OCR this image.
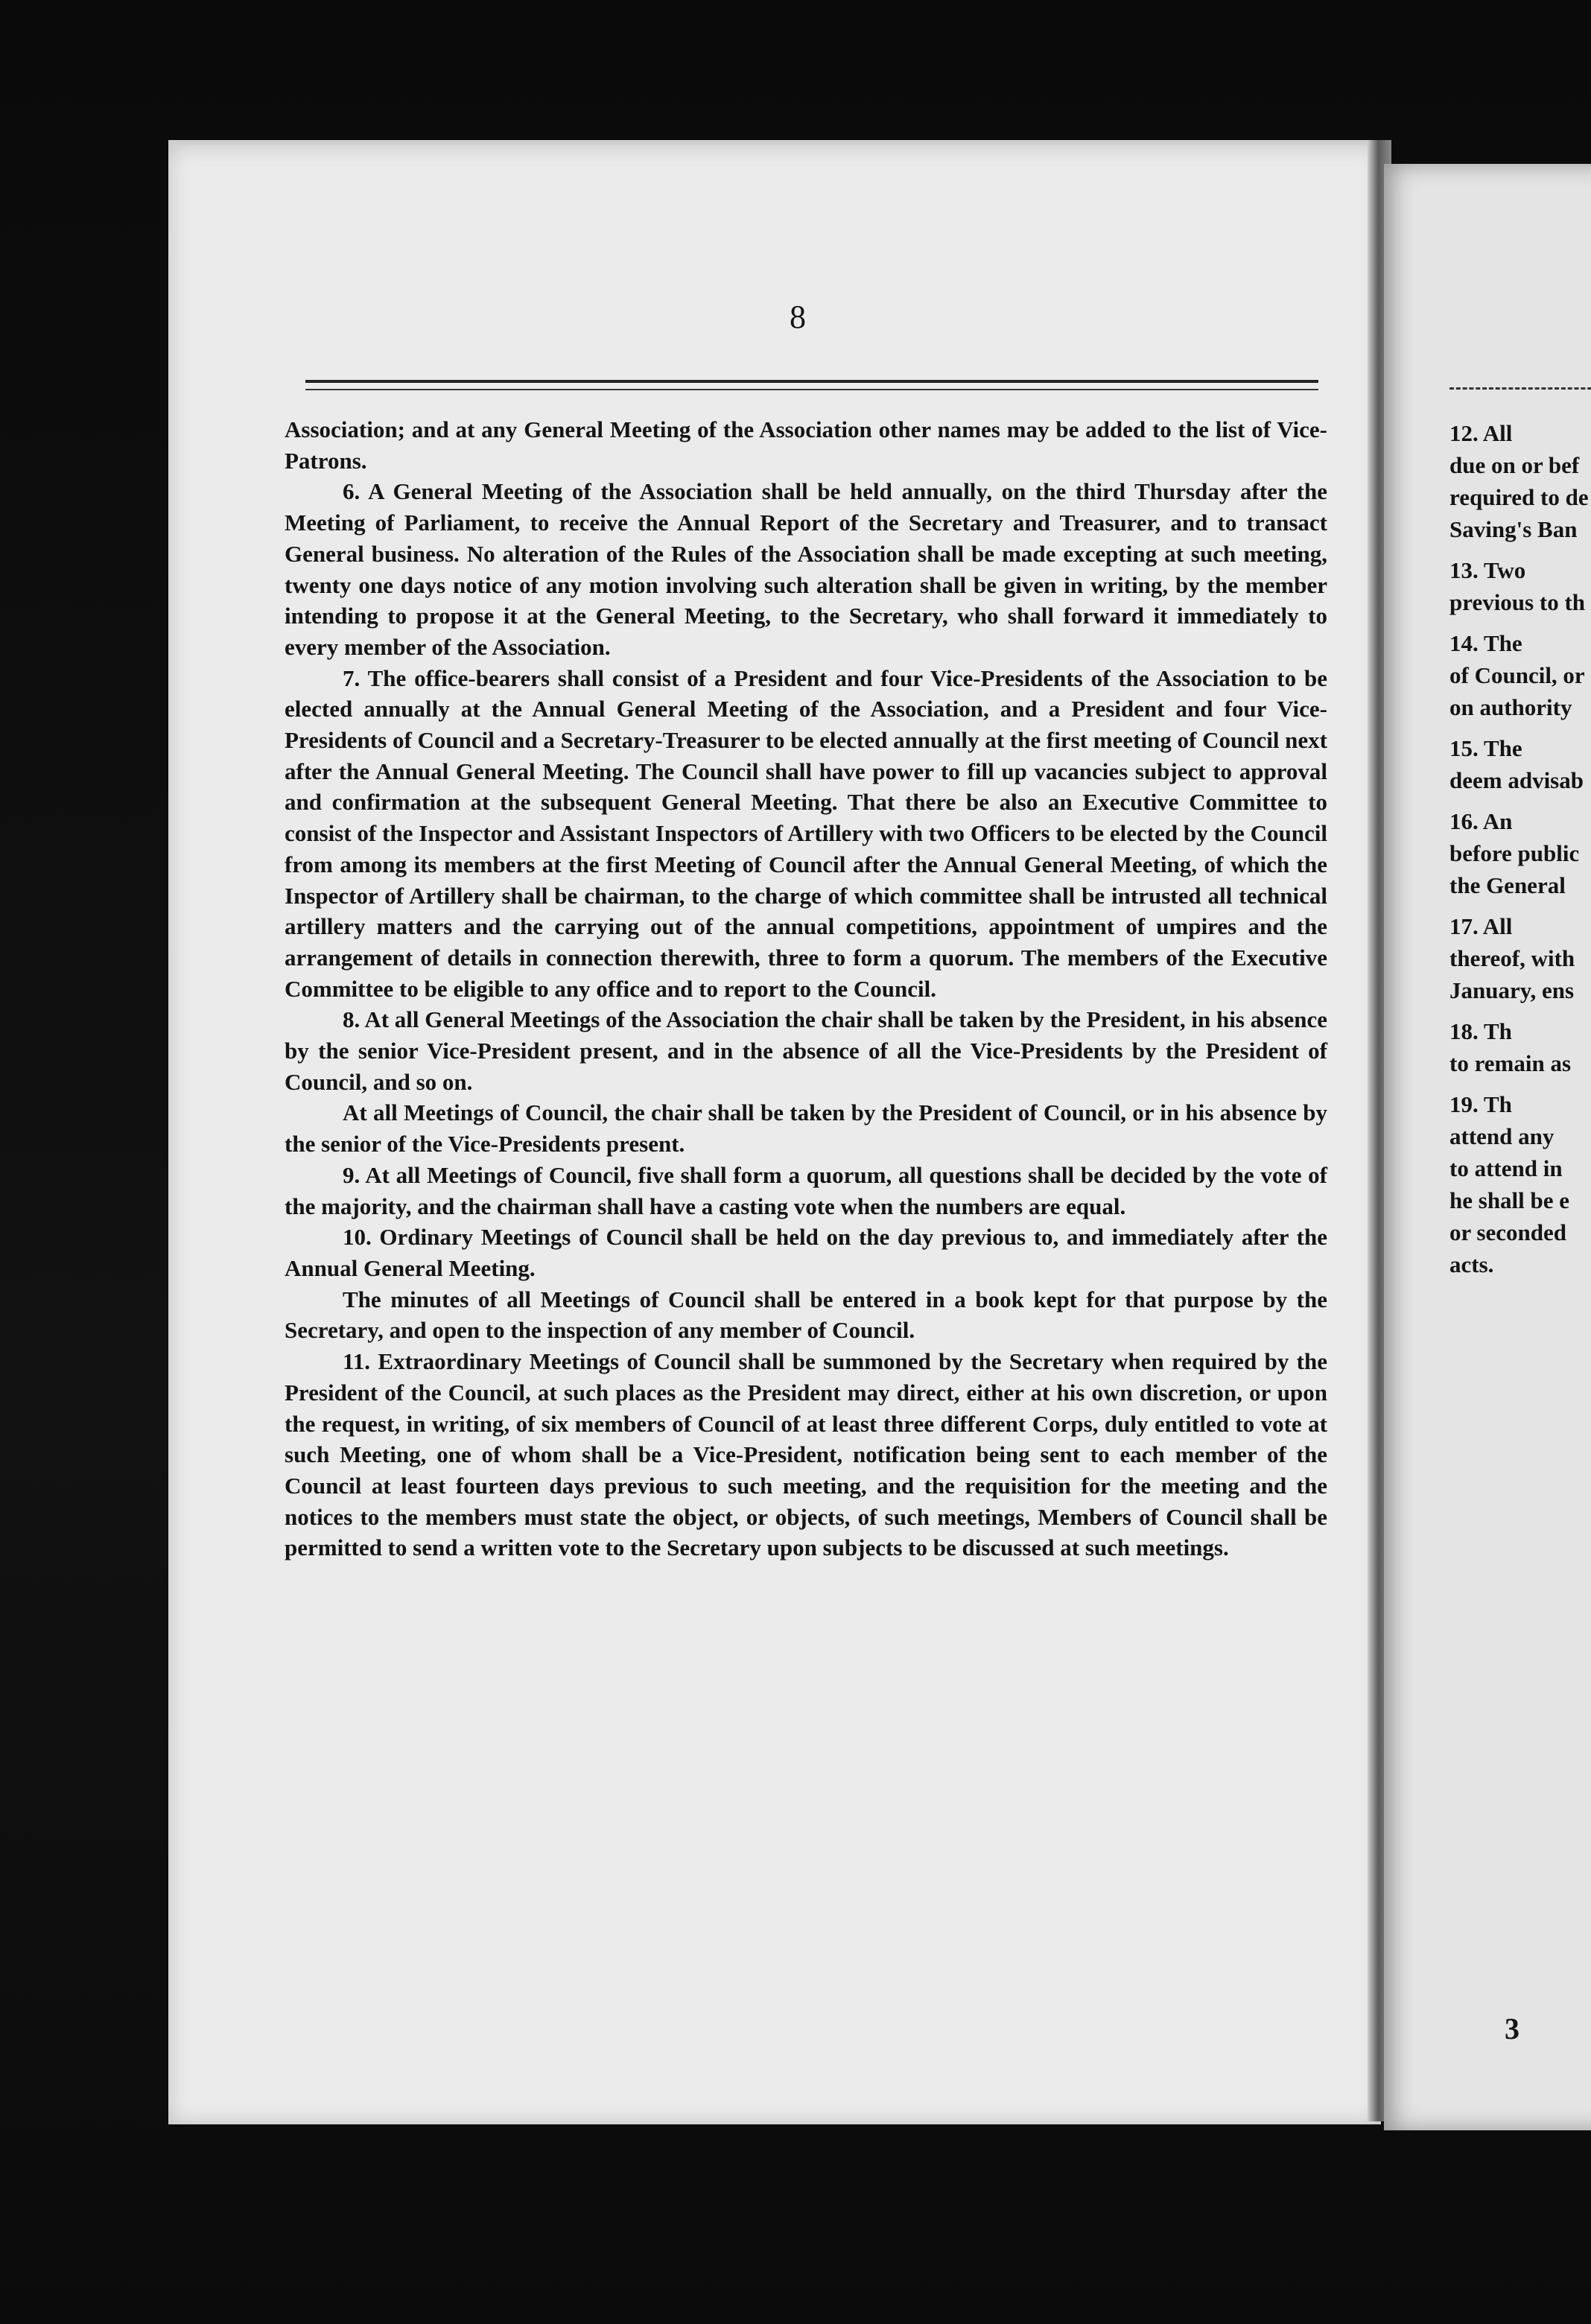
8

Association; and at any General Meeting of the Association other names may be added to the list of Vice-Patrons.

6. A General Meeting of the Association shall be held annually, on the third Thursday after the Meeting of Parliament, to receive the Annual Report of the Secretary and Treasurer, and to transact General business. No alteration of the Rules of the Association shall be made excepting at such meeting, twenty one days notice of any motion involving such alteration shall be given in writing, by the member intending to propose it at the General Meeting, to the Secretary, who shall forward it immediately to every member of the Association.

7. The office-bearers shall consist of a President and four Vice-Presidents of the Association to be elected annually at the Annual General Meeting of the Association, and a President and four Vice-Presidents of Council and a Secretary-Treasurer to be elected annually at the first meeting of Council next after the Annual General Meeting. The Council shall have power to fill up vacancies subject to approval and confirmation at the subsequent General Meeting. That there be also an Executive Committee to consist of the Inspector and Assistant Inspectors of Artillery with two Officers to be elected by the Council from among its members at the first Meeting of Council after the Annual General Meeting, of which the Inspector of Artillery shall be chairman, to the charge of which committee shall be intrusted all technical artillery matters and the carrying out of the annual competitions, appointment of umpires and the arrangement of details in connection therewith, three to form a quorum. The members of the Executive Committee to be eligible to any office and to report to the Council.

8. At all General Meetings of the Association the chair shall be taken by the President, in his absence by the senior Vice-President present, and in the absence of all the Vice-Presidents by the President of Council, and so on.

At all Meetings of Council, the chair shall be taken by the President of Council, or in his absence by the senior of the Vice-Presidents present.

9. At all Meetings of Council, five shall form a quorum, all questions shall be decided by the vote of the majority, and the chairman shall have a casting vote when the numbers are equal.

10. Ordinary Meetings of Council shall be held on the day previous to, and immediately after the Annual General Meeting.

The minutes of all Meetings of Council shall be entered in a book kept for that purpose by the Secretary, and open to the inspection of any member of Council.

11. Extraordinary Meetings of Council shall be summoned by the Secretary when required by the President of the Council, at such places as the President may direct, either at his own discretion, or upon the request, in writing, of six members of Council of at least three different Corps, duly entitled to vote at such Meeting, one of whom shall be a Vice-President, notification being sent to each member of the Council at least fourteen days previous to such meeting, and the requisition for the meeting and the notices to the members must state the object, or objects, of such meetings, Members of Council shall be permitted to send a written vote to the Secretary upon subjects to be discussed at such meetings.

12. All
due on or bef
required to de
Saving's Ban
13. Two
previous to th
14. The
of Council, or
on authority
15. The
deem advisab
16. An
before public
the General
17. All
thereof, with
January, ens
18. Th
to remain as
19. Th
attend any
to attend in
he shall be e
or seconded
acts.
3
